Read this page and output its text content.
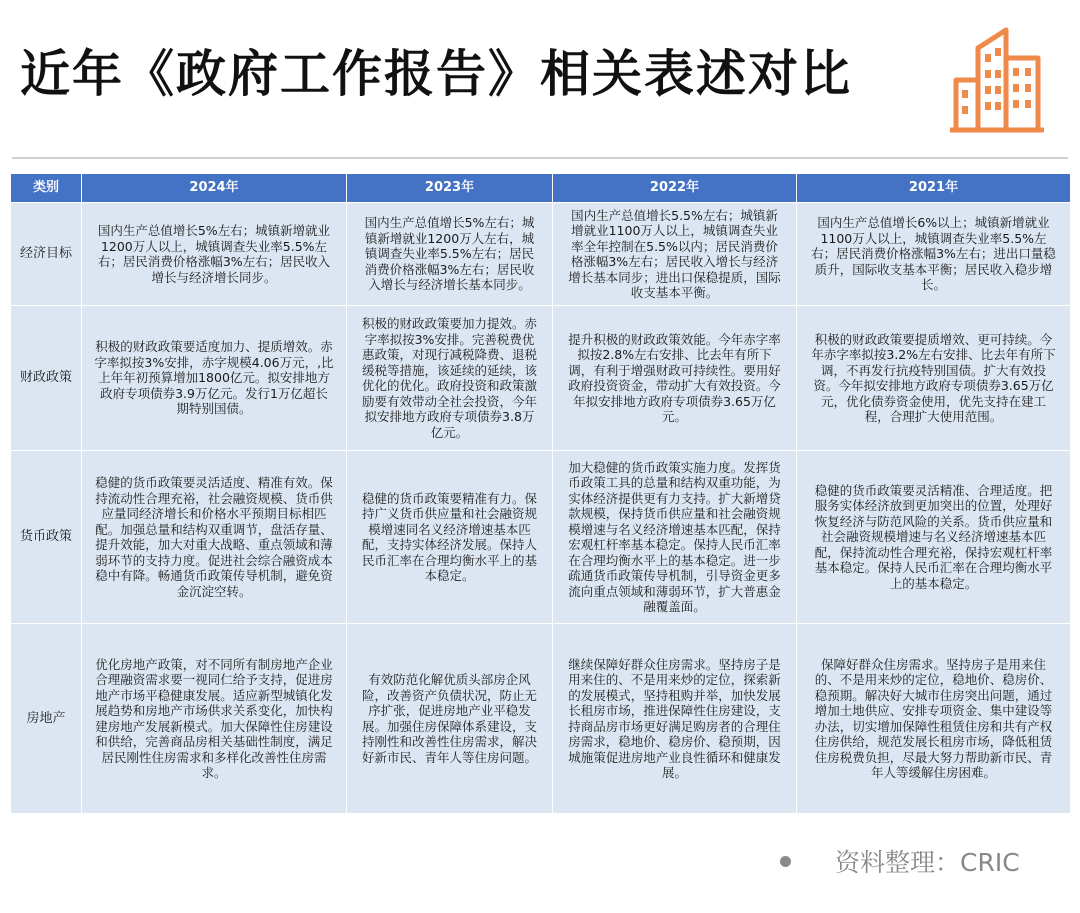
近年《政府工作报告》相关表述对比
类别	2024年	2023年	2022年	2021年
经济目标	国内生产总值增长5%左右；城镇新增就业1200万人以上，城镇调查失业率5.5%左右；居民消费价格涨幅3%左右；居民收入增长与经济增长同步。	国内生产总值增长5%左右；城镇新增就业1200万人左右，城镇调查失业率5.5%左右；居民消费价格涨幅3%左右；居民收入增长与经济增长基本同步。	国内生产总值增长5.5%左右；城镇新增就业1100万人以上，城镇调查失业率全年控制在5.5%以内；居民消费价格涨幅3%左右；居民收入增长与经济增长基本同步；进出口保稳提质，国际收支基本平衡。	国内生产总值增长6%以上；城镇新增就业1100万人以上，城镇调查失业率5.5%左右；居民消费价格涨幅3%左右；进出口量稳质升，国际收支基本平衡；居民收入稳步增长。
财政政策	积极的财政政策要适度加力、提质增效。赤字率拟按3%安排，赤字规模4.06万元，,比上年年初预算增加1800亿元。拟安排地方政府专项债券3.9万亿元。发行1万亿超长期特别国债。	积极的财政政策要加力提效。赤字率拟按3%安排。完善税费优惠政策，对现行减税降费、退税缓税等措施，该延续的延续，该优化的优化。政府投资和政策激励要有效带动全社会投资，今年拟安排地方政府专项债券3.8万亿元。	提升积极的财政政策效能。今年赤字率拟按2.8%左右安排、比去年有所下调，有利于增强财政可持续性。要用好政府投资资金，带动扩大有效投资。今年拟安排地方政府专项债券3.65万亿元。	积极的财政政策要提质增效、更可持续。今年赤字率拟按3.2%左右安排、比去年有所下调，不再发行抗疫特别国债。扩大有效投资。今年拟安排地方政府专项债券3.65万亿元，优化债券资金使用，优先支持在建工程，合理扩大使用范围。
货币政策	稳健的货币政策要灵活适度、精准有效。保持流动性合理充裕，社会融资规模、货币供应量同经济增长和价格水平预期目标相匹配。加强总量和结构双重调节，盘活存量、提升效能，加大对重大战略、重点领域和薄弱环节的支持力度。促进社会综合融资成本稳中有降。畅通货币政策传导机制，避免资金沉淀空转。	稳健的货币政策要精准有力。保持广义货币供应量和社会融资规模增速同名义经济增速基本匹配，支持实体经济发展。保持人民币汇率在合理均衡水平上的基本稳定。	加大稳健的货币政策实施力度。发挥货币政策工具的总量和结构双重功能，为实体经济提供更有力支持。扩大新增贷款规模，保持货币供应量和社会融资规模增速与名义经济增速基本匹配，保持宏观杠杆率基本稳定。保持人民币汇率在合理均衡水平上的基本稳定。进一步疏通货币政策传导机制，引导资金更多流向重点领域和薄弱环节，扩大普惠金融覆盖面。	稳健的货币政策要灵活精准、合理适度。把服务实体经济放到更加突出的位置，处理好恢复经济与防范风险的关系。货币供应量和社会融资规模增速与名义经济增速基本匹配，保持流动性合理充裕，保持宏观杠杆率基本稳定。保持人民币汇率在合理均衡水平上的基本稳定。
房地产	优化房地产政策，对不同所有制房地产企业合理融资需求要一视同仁给予支持，促进房地产市场平稳健康发展。适应新型城镇化发展趋势和房地产市场供求关系变化，加快构建房地产发展新模式。加大保障性住房建设和供给，完善商品房相关基础性制度，满足居民刚性住房需求和多样化改善性住房需求。	有效防范化解优质头部房企风险，改善资产负债状况，防止无序扩张，促进房地产业平稳发展。加强住房保障体系建设，支持刚性和改善性住房需求，解决好新市民、青年人等住房问题。	继续保障好群众住房需求。坚持房子是用来住的、不是用来炒的定位，探索新的发展模式，坚持租购并举，加快发展长租房市场，推进保障性住房建设，支持商品房市场更好满足购房者的合理住房需求，稳地价、稳房价、稳预期，因城施策促进房地产业良性循环和健康发展。	保障好群众住房需求。坚持房子是用来住的、不是用来炒的定位，稳地价、稳房价、稳预期。解决好大城市住房突出问题，通过增加土地供应、安排专项资金、集中建设等办法，切实增加保障性租赁住房和共有产权住房供给，规范发展长租房市场，降低租赁住房税费负担，尽最大努力帮助新市民、青年人等缓解住房困难。
资料整理：CRIC
